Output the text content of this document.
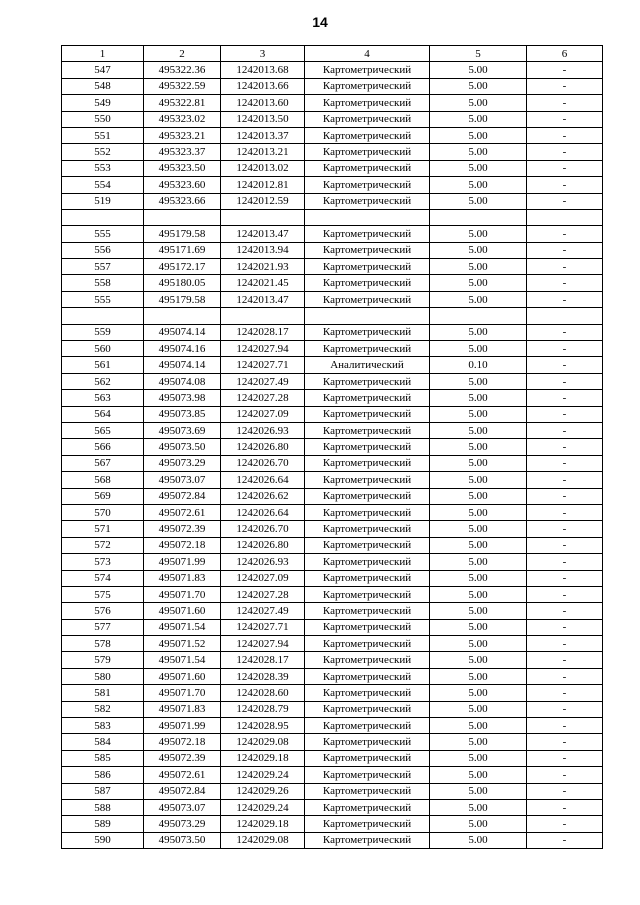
14
1	2	3	4	5	6
547	495322.36	1242013.68	Картометрический	5.00	-
548	495322.59	1242013.66	Картометрический	5.00	-
549	495322.81	1242013.60	Картометрический	5.00	-
550	495323.02	1242013.50	Картометрический	5.00	-
551	495323.21	1242013.37	Картометрический	5.00	-
552	495323.37	1242013.21	Картометрический	5.00	-
553	495323.50	1242013.02	Картометрический	5.00	-
554	495323.60	1242012.81	Картометрический	5.00	-
519	495323.66	1242012.59	Картометрический	5.00	-

555	495179.58	1242013.47	Картометрический	5.00	-
556	495171.69	1242013.94	Картометрический	5.00	-
557	495172.17	1242021.93	Картометрический	5.00	-
558	495180.05	1242021.45	Картометрический	5.00	-
555	495179.58	1242013.47	Картометрический	5.00	-

559	495074.14	1242028.17	Картометрический	5.00	-
560	495074.16	1242027.94	Картометрический	5.00	-
561	495074.14	1242027.71	Аналитический	0.10	-
562	495074.08	1242027.49	Картометрический	5.00	-
563	495073.98	1242027.28	Картометрический	5.00	-
564	495073.85	1242027.09	Картометрический	5.00	-
565	495073.69	1242026.93	Картометрический	5.00	-
566	495073.50	1242026.80	Картометрический	5.00	-
567	495073.29	1242026.70	Картометрический	5.00	-
568	495073.07	1242026.64	Картометрический	5.00	-
569	495072.84	1242026.62	Картометрический	5.00	-
570	495072.61	1242026.64	Картометрический	5.00	-
571	495072.39	1242026.70	Картометрический	5.00	-
572	495072.18	1242026.80	Картометрический	5.00	-
573	495071.99	1242026.93	Картометрический	5.00	-
574	495071.83	1242027.09	Картометрический	5.00	-
575	495071.70	1242027.28	Картометрический	5.00	-
576	495071.60	1242027.49	Картометрический	5.00	-
577	495071.54	1242027.71	Картометрический	5.00	-
578	495071.52	1242027.94	Картометрический	5.00	-
579	495071.54	1242028.17	Картометрический	5.00	-
580	495071.60	1242028.39	Картометрический	5.00	-
581	495071.70	1242028.60	Картометрический	5.00	-
582	495071.83	1242028.79	Картометрический	5.00	-
583	495071.99	1242028.95	Картометрический	5.00	-
584	495072.18	1242029.08	Картометрический	5.00	-
585	495072.39	1242029.18	Картометрический	5.00	-
586	495072.61	1242029.24	Картометрический	5.00	-
587	495072.84	1242029.26	Картометрический	5.00	-
588	495073.07	1242029.24	Картометрический	5.00	-
589	495073.29	1242029.18	Картометрический	5.00	-
590	495073.50	1242029.08	Картометрический	5.00	-
